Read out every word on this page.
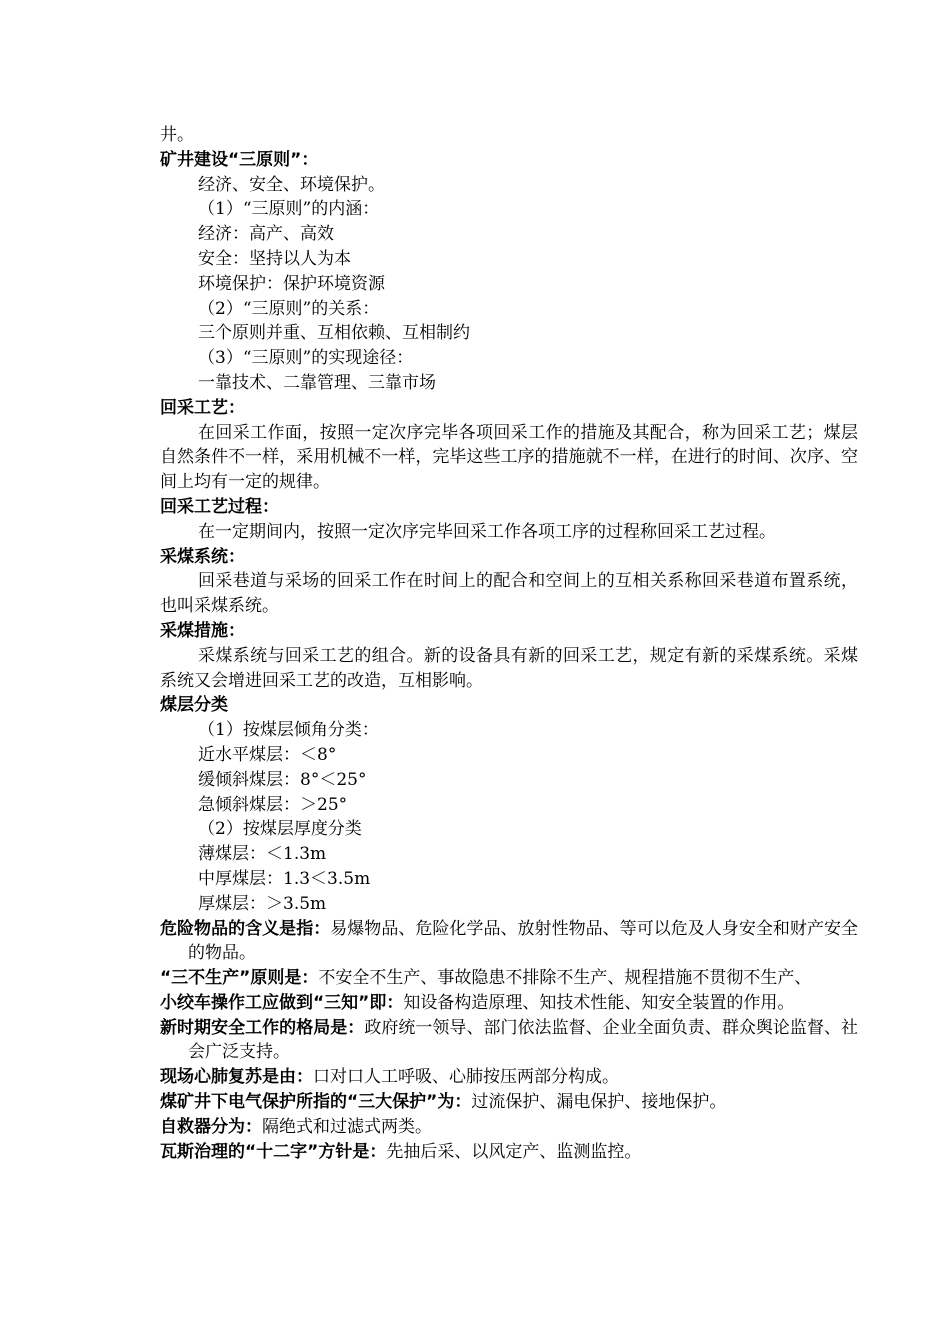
井。
矿井建设“三原则”：
经济、安全、环境保护。
（1）“三原则”的内涵：
经济：高产、高效
安全：坚持以人为本
环境保护：保护环境资源
（2）“三原则”的关系：
三个原则并重、互相依赖、互相制约
（3）“三原则”的实现途径：
一靠技术、二靠管理、三靠市场
回采工艺：
在回采工作面，按照一定次序完毕各项回采工作的措施及其配合，称为回采工艺；煤层自然条件不一样，采用机械不一样，完毕这些工序的措施就不一样，在进行的时间、次序、空间上均有一定的规律。
回采工艺过程：
在一定期间内，按照一定次序完毕回采工作各项工序的过程称回采工艺过程。
采煤系统：
回采巷道与采场的回采工作在时间上的配合和空间上的互相关系称回采巷道布置系统，也叫采煤系统。
采煤措施：
采煤系统与回采工艺的组合。新的设备具有新的回采工艺，规定有新的采煤系统。采煤系统又会增进回采工艺的改造，互相影响。
煤层分类
（1）按煤层倾角分类：
近水平煤层：＜8°
缓倾斜煤层：8°＜25°
急倾斜煤层：＞25°
（2）按煤层厚度分类
薄煤层：＜1.3m
中厚煤层：1.3＜3.5m
厚煤层：＞3.5m
危险物品的含义是指：易爆物品、危险化学品、放射性物品、等可以危及人身安全和财产安全的物品。
“三不生产”原则是：不安全不生产、事故隐患不排除不生产、规程措施不贯彻不生产、
小绞车操作工应做到“三知”即：知设备构造原理、知技术性能、知安全装置的作用。
新时期安全工作的格局是：政府统一领导、部门依法监督、企业全面负责、群众舆论监督、社会广泛支持。
现场心肺复苏是由：口对口人工呼吸、心肺按压两部分构成。
煤矿井下电气保护所指的“三大保护”为：过流保护、漏电保护、接地保护。
自救器分为：隔绝式和过滤式两类。
瓦斯治理的“十二字”方针是：先抽后采、以风定产、监测监控。
